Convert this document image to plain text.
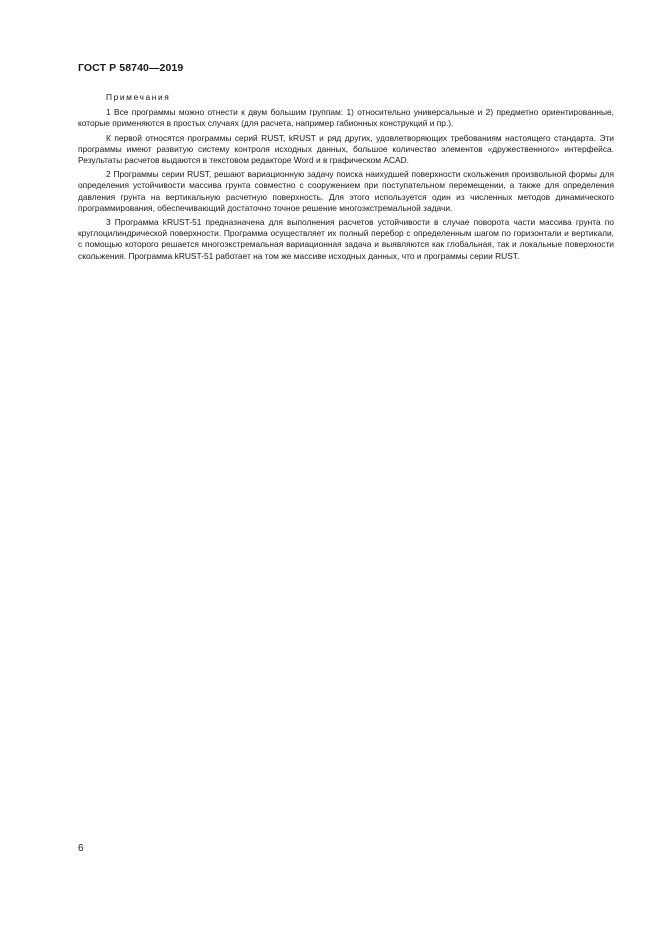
ГОСТ Р 58740—2019
Примечания

1 Все программы можно отнести к двум большим группам: 1) относительно универсальные и 2) предметно ориентированные, которые применяются в простых случаях (для расчета, например габионных конструкций и пр.).

К первой относятся программы серий RUST, kRUST и ряд других, удовлетворяющих требованиям настоящего стандарта. Эти программы имеют развитую систему контроля исходных данных, большое количество элементов «дружественного» интерфейса. Результаты расчетов выдаются в текстовом редакторе Word и в графическом ACAD.

2 Программы серии RUST, решают вариационную задачу поиска наихудшей поверхности скольжения произвольной формы для определения устойчивости массива грунта совместно с сооружением при поступательном перемещении, а также для определения давления грунта на вертикальную расчетную поверхность. Для этого используется один из численных методов динамического программирования, обеспечивающий достаточно точное решение многоэкстремальной задачи.

3 Программа kRUST-51 предназначена для выполнения расчетов устойчивости в случае поворота части массива грунта по круглоцилиндрической поверхности. Программа осуществляет их полный перебор с определенным шагом по горизонтали и вертикали, с помощью которого решается многоэкстремальная вариационная задача и выявляются как глобальная, так и локальные поверхности скольжения. Программа kRUST-51 работает на том же массиве исходных данных, что и программы серии RUST.

6
